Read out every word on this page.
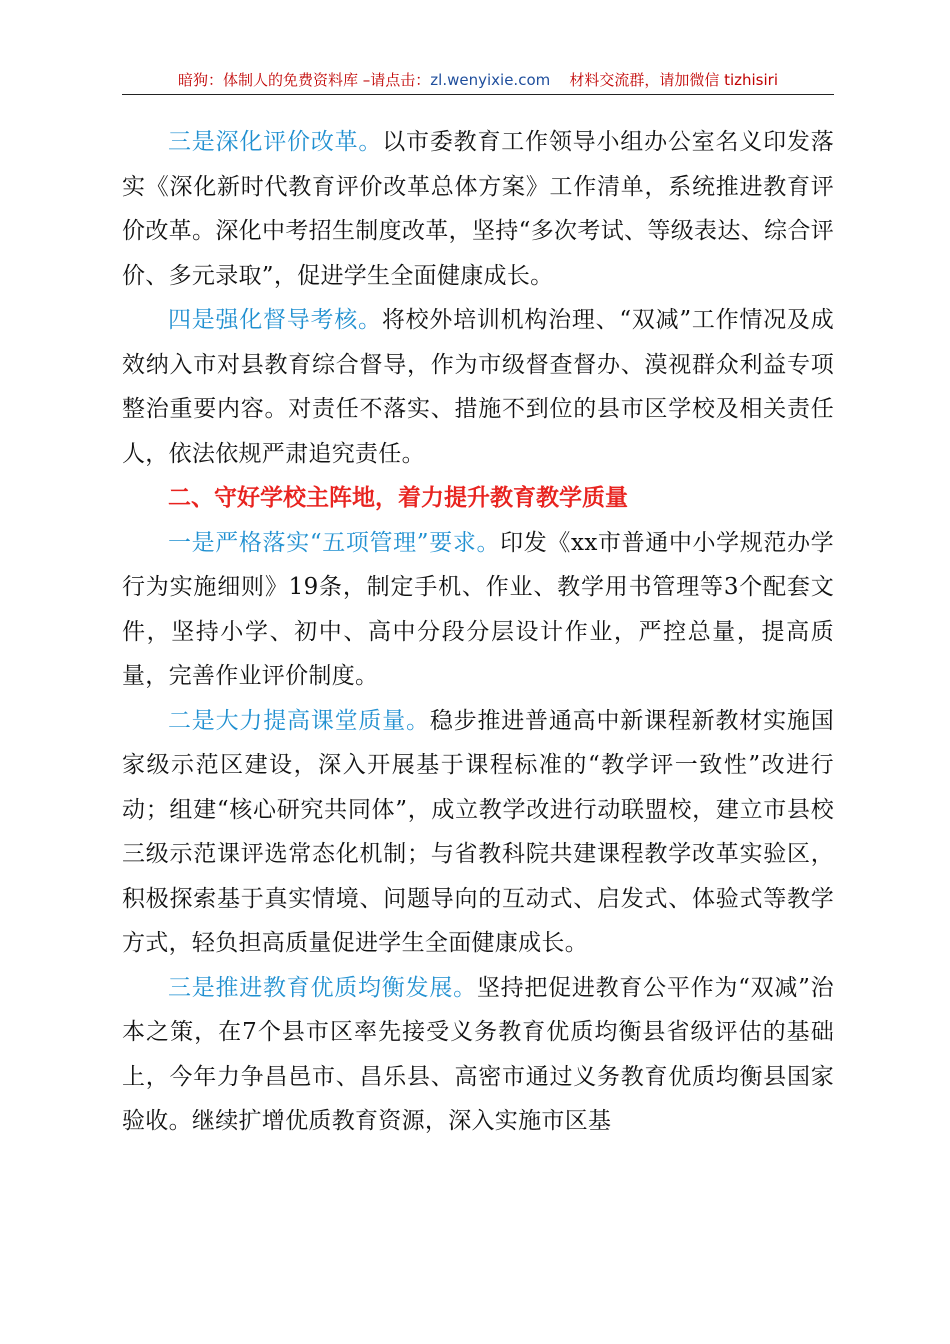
暗狗：体制人的免费资料库 –请点击：zl.wenyixie.com 材料交流群，请加微信 tizhisiri

三是深化评价改革。以市委教育工作领导小组办公室名义印发落实《深化新时代教育评价改革总体方案》工作清单，系统推进教育评价改革。深化中考招生制度改革，坚持“多次考试、等级表达、综合评价、多元录取”，促进学生全面健康成长。

四是强化督导考核。将校外培训机构治理、“双减”工作情况及成效纳入市对县教育综合督导，作为市级督查督办、漠视群众利益专项整治重要内容。对责任不落实、措施不到位的县市区学校及相关责任人，依法依规严肃追究责任。

二、守好学校主阵地，着力提升教育教学质量

一是严格落实“五项管理”要求。印发《xx市普通中小学规范办学行为实施细则》19条，制定手机、作业、教学用书管理等3个配套文件，坚持小学、初中、高中分段分层设计作业，严控总量，提高质量，完善作业评价制度。

二是大力提高课堂质量。稳步推进普通高中新课程新教材实施国家级示范区建设，深入开展基于课程标准的“教学评一致性”改进行动；组建“核心研究共同体”，成立教学改进行动联盟校，建立市县校三级示范课评选常态化机制；与省教科院共建课程教学改革实验区，积极探索基于真实情境、问题导向的互动式、启发式、体验式等教学方式，轻负担高质量促进学生全面健康成长。

三是推进教育优质均衡发展。坚持把促进教育公平作为“双减”治本之策，在7个县市区率先接受义务教育优质均衡县省级评估的基础上，今年力争昌邑市、昌乐县、高密市通过义务教育优质均衡县国家验收。继续扩增优质教育资源，深入实施市区基
